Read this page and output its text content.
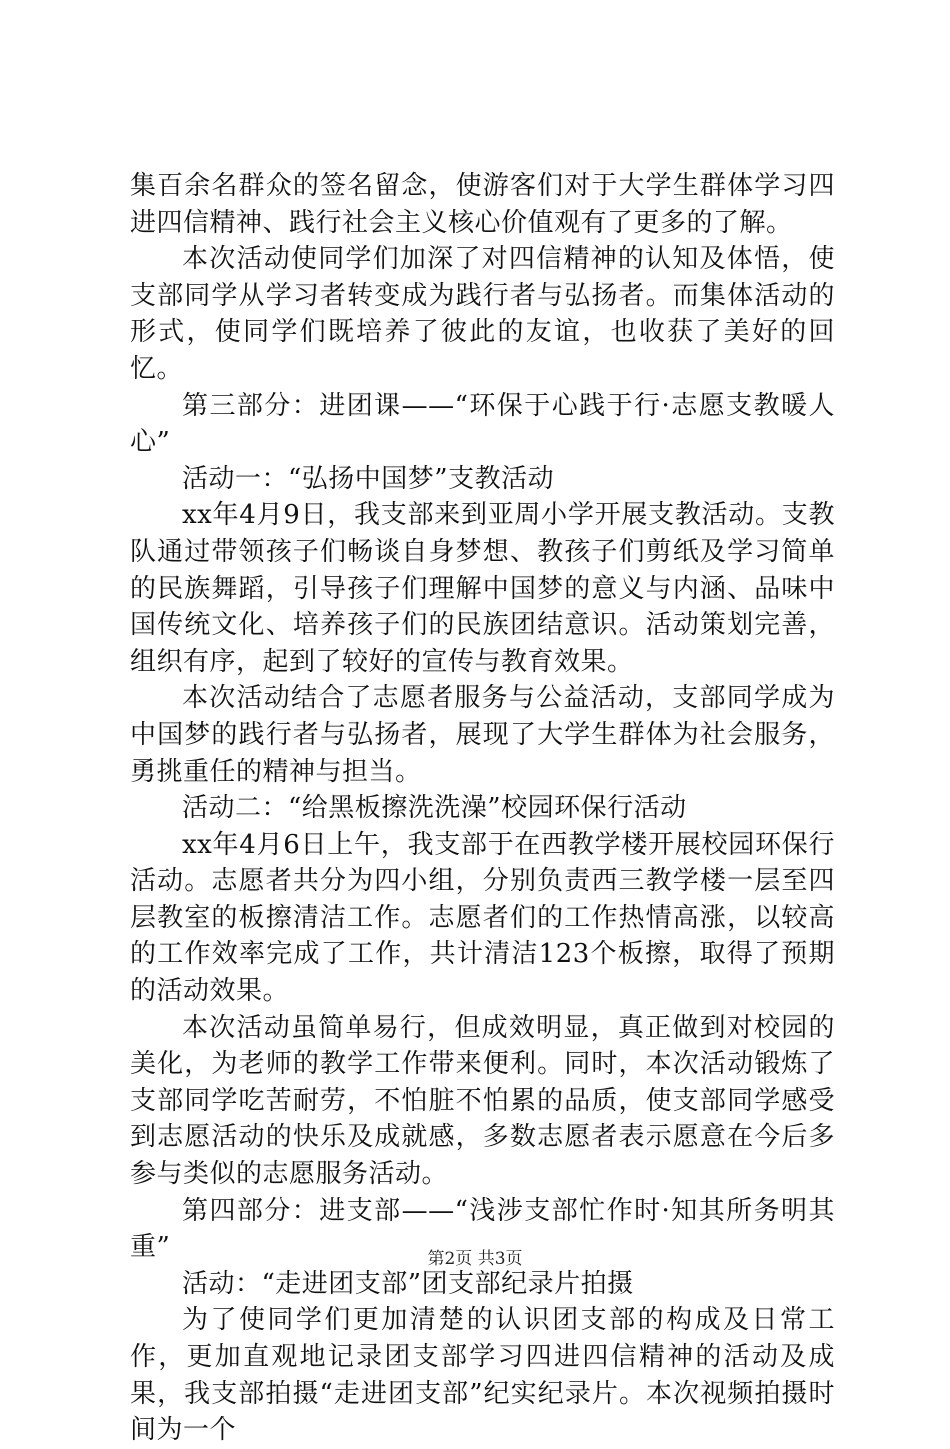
集百余名群众的签名留念，使游客们对于大学生群体学习四进四信精神、践行社会主义核心价值观有了更多的了解。

本次活动使同学们加深了对四信精神的认知及体悟，使支部同学从学习者转变成为践行者与弘扬者。而集体活动的形式，使同学们既培养了彼此的友谊，也收获了美好的回忆。

第三部分：进团课——“环保于心践于行·志愿支教暖人心”

活动一：“弘扬中国梦”支教活动

xx年4月9日，我支部来到亚周小学开展支教活动。支教队通过带领孩子们畅谈自身梦想、教孩子们剪纸及学习简单的民族舞蹈，引导孩子们理解中国梦的意义与内涵、品味中国传统文化、培养孩子们的民族团结意识。活动策划完善，组织有序，起到了较好的宣传与教育效果。

本次活动结合了志愿者服务与公益活动，支部同学成为中国梦的践行者与弘扬者，展现了大学生群体为社会服务，勇挑重任的精神与担当。

活动二：“给黑板擦洗洗澡”校园环保行活动

xx年4月6日上午，我支部于在西教学楼开展校园环保行活动。志愿者共分为四小组，分别负责西三教学楼一层至四层教室的板擦清洁工作。志愿者们的工作热情高涨，以较高的工作效率完成了工作，共计清洁123个板擦，取得了预期的活动效果。

本次活动虽简单易行，但成效明显，真正做到对校园的美化，为老师的教学工作带来便利。同时，本次活动锻炼了支部同学吃苦耐劳，不怕脏不怕累的品质，使支部同学感受到志愿活动的快乐及成就感，多数志愿者表示愿意在今后多参与类似的志愿服务活动。

第四部分：进支部——“浅涉支部忙作时·知其所务明其重”

活动：“走进团支部”团支部纪录片拍摄

为了使同学们更加清楚的认识团支部的构成及日常工作，更加直观地记录团支部学习四进四信精神的活动及成果，我支部拍摄“走进团支部”纪实纪录片。本次视频拍摄时间为一个

第2页 共3页
